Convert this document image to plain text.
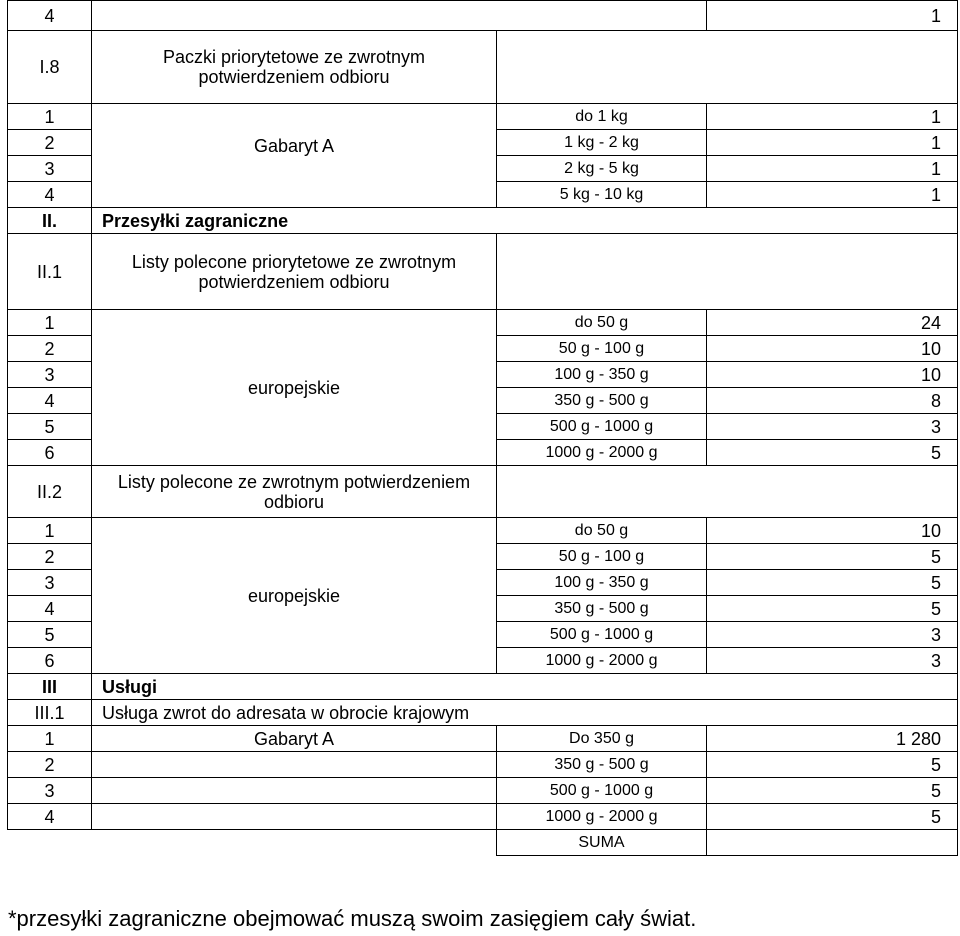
4			1
I.8	Paczki priorytetowe ze zwrotnym potwierdzeniem odbioru		
1	Gabaryt A	do 1 kg	1
2		1 kg - 2 kg	1
3		2 kg - 5 kg	1
4		5 kg - 10 kg	1
II.	Przesyłki zagraniczne		
II.1	Listy polecone priorytetowe ze zwrotnym potwierdzeniem odbioru		
1	europejskie	do 50 g	24
2		50 g - 100 g	10
3		100 g - 350 g	10
4		350 g - 500 g	8
5		500 g - 1000 g	3
6		1000 g - 2000 g	5
II.2	Listy polecone ze zwrotnym potwierdzeniem odbioru		
1	europejskie	do 50 g	10
2		50 g - 100 g	5
3		100 g - 350 g	5
4		350 g - 500 g	5
5		500 g - 1000 g	3
6		1000 g - 2000 g	3
III	Usługi		
III.1	Usługa zwrot do adresata w obrocie krajowym		
1	Gabaryt A	Do 350 g	1 280
2		350 g - 500 g	5
3		500 g - 1000 g	5
4		1000 g - 2000 g	5
		SUMA	
*przesyłki zagraniczne obejmować muszą swoim zasięgiem cały świat.
